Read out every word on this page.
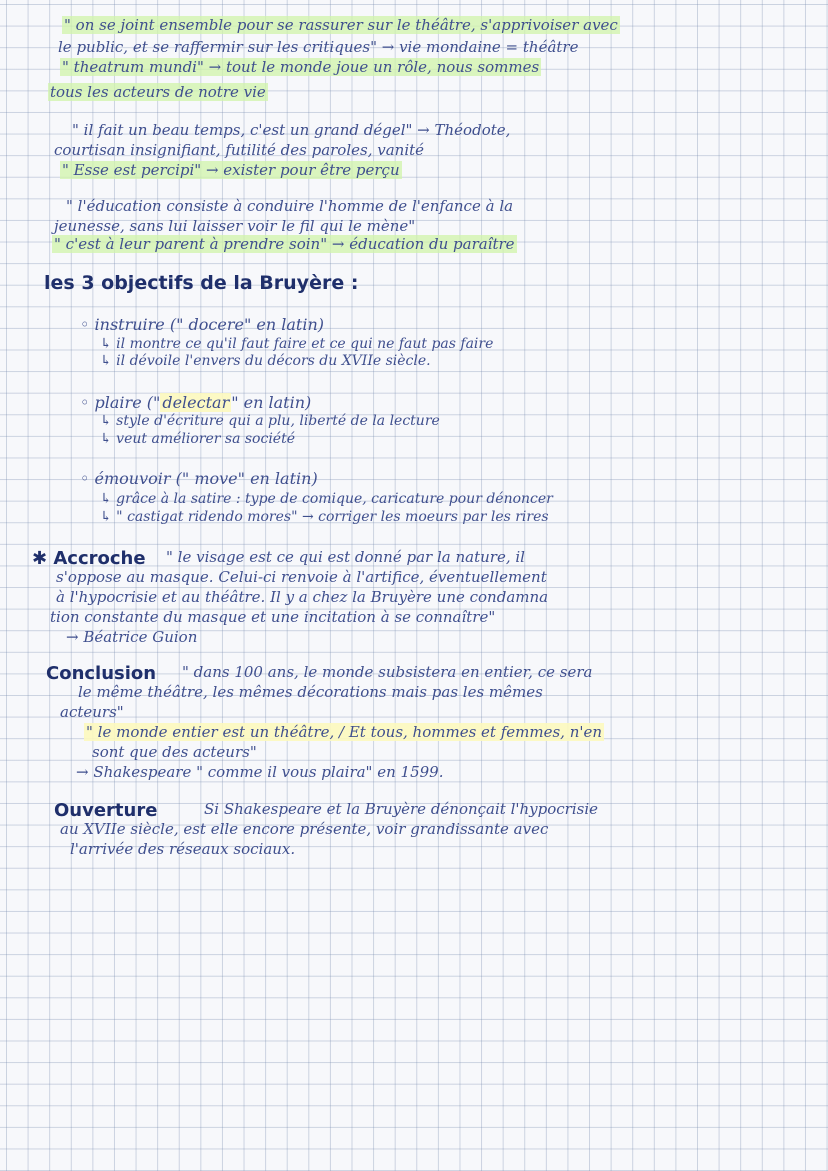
" on se joint ensemble pour se rassurer sur le théâtre, s'apprivoiser avec
le public, et se raffermir sur les critiques" → vie mondaine = théâtre
" theatrum mundi" → tout le monde joue un rôle, nous sommes
tous les acteurs de notre vie
" il fait un beau temps, c'est un grand dégel" → Théodote,
courtisan insignifiant, futilité des paroles, vanité
" Esse est percipi" → exister pour être perçu
" l'éducation consiste à conduire l'homme de l'enfance à la
jeunesse, sans lui laisser voir le fil qui le mène"
" c'est à leur parent à prendre soin" → éducation du paraître
les 3 objectifs de la Bruyère :
◦ instruire (" docere" en latin)
↳ il montre ce qu'il faut faire et ce qui ne faut pas faire
↳ il dévoile l'envers du décors du XVIIe siècle.
◦ plaire (" delectar " en latin)
↳ style d'écriture qui a plu, liberté de la lecture
↳ veut améliorer sa société
◦ émouvoir (" move" en latin)
↳ grâce à la satire : type de comique, caricature pour dénoncer
↳ " castigat ridendo mores" → corriger les moeurs par les rires
✱ Accroche " le visage est ce qui est donné par la nature, il
s'oppose au masque. Celui-ci renvoie à l'artifice, éventuellement
à l'hypocrisie et au théâtre. Il y a chez la Bruyère une condamna
tion constante du masque et une incitation à se connaître"
→ Béatrice Guion
Conclusion " dans 100 ans, le monde subsistera en entier, ce sera
le même théâtre, les mêmes décorations mais pas les mêmes
acteurs"
" le monde entier est un théâtre, / Et tous, hommes et femmes, n'en
sont que des acteurs"
→ Shakespeare " comme il vous plaira" en 1599.
Ouverture	Si Shakespeare et la Bruyère dénonçait l'hypocrisie
au XVIIe siècle, est elle encore présente, voir grandissante avec
l'arrivée des réseaux sociaux.
